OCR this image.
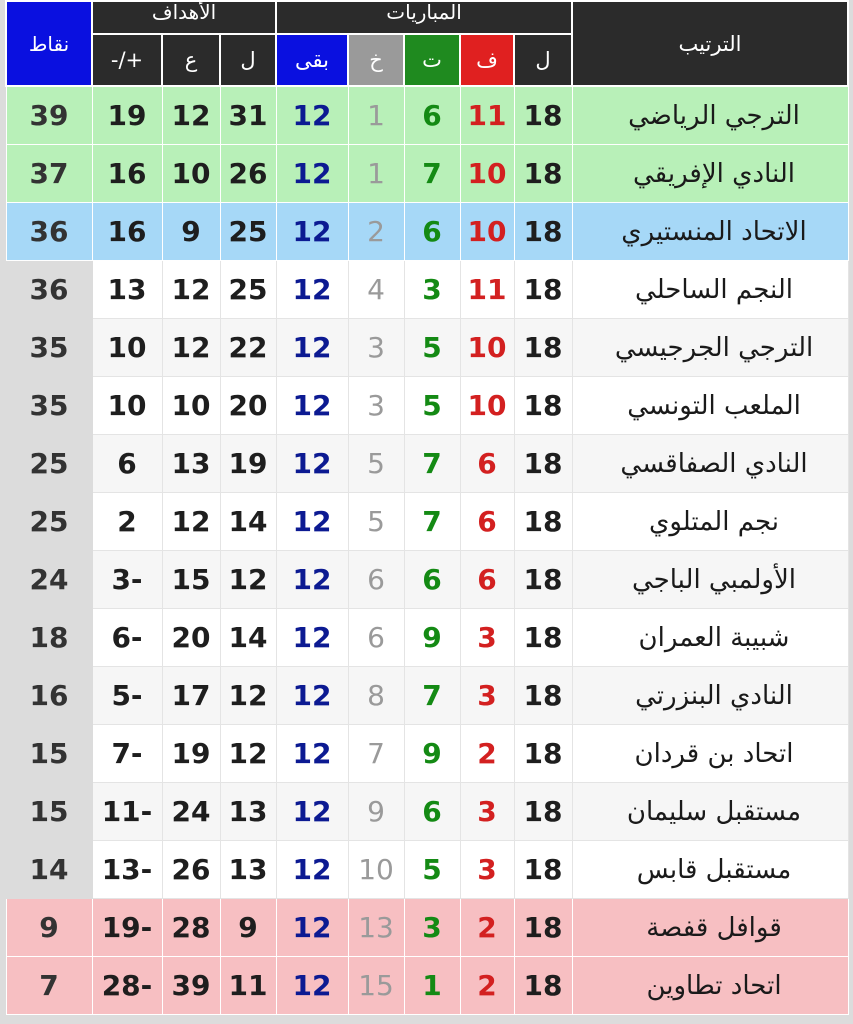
نقاط	الأهداف			المباريات					الترتيب
	-/+	ع	ل	بقى	خ	ت	ف	ل	
39	19	12	31	12	1	6	11	18	الترجي الرياضي
37	16	10	26	12	1	7	10	18	النادي الإفريقي
36	16	9	25	12	2	6	10	18	الاتحاد المنستيري
36	13	12	25	12	4	3	11	18	النجم الساحلي
35	10	12	22	12	3	5	10	18	الترجي الجرجيسي
35	10	10	20	12	3	5	10	18	الملعب التونسي
25	6	13	19	12	5	7	6	18	النادي الصفاقسي
25	2	12	14	12	5	7	6	18	نجم المتلوي
24	3-	15	12	12	6	6	6	18	الأولمبي الباجي
18	6-	20	14	12	6	9	3	18	شبيبة العمران
16	5-	17	12	12	8	7	3	18	النادي البنزرتي
15	7-	19	12	12	7	9	2	18	اتحاد بن قردان
15	11-	24	13	12	9	6	3	18	مستقبل سليمان
14	13-	26	13	12	10	5	3	18	مستقبل قابس
9	19-	28	9	12	13	3	2	18	قوافل قفصة
7	28-	39	11	12	15	1	2	18	اتحاد تطاوين
